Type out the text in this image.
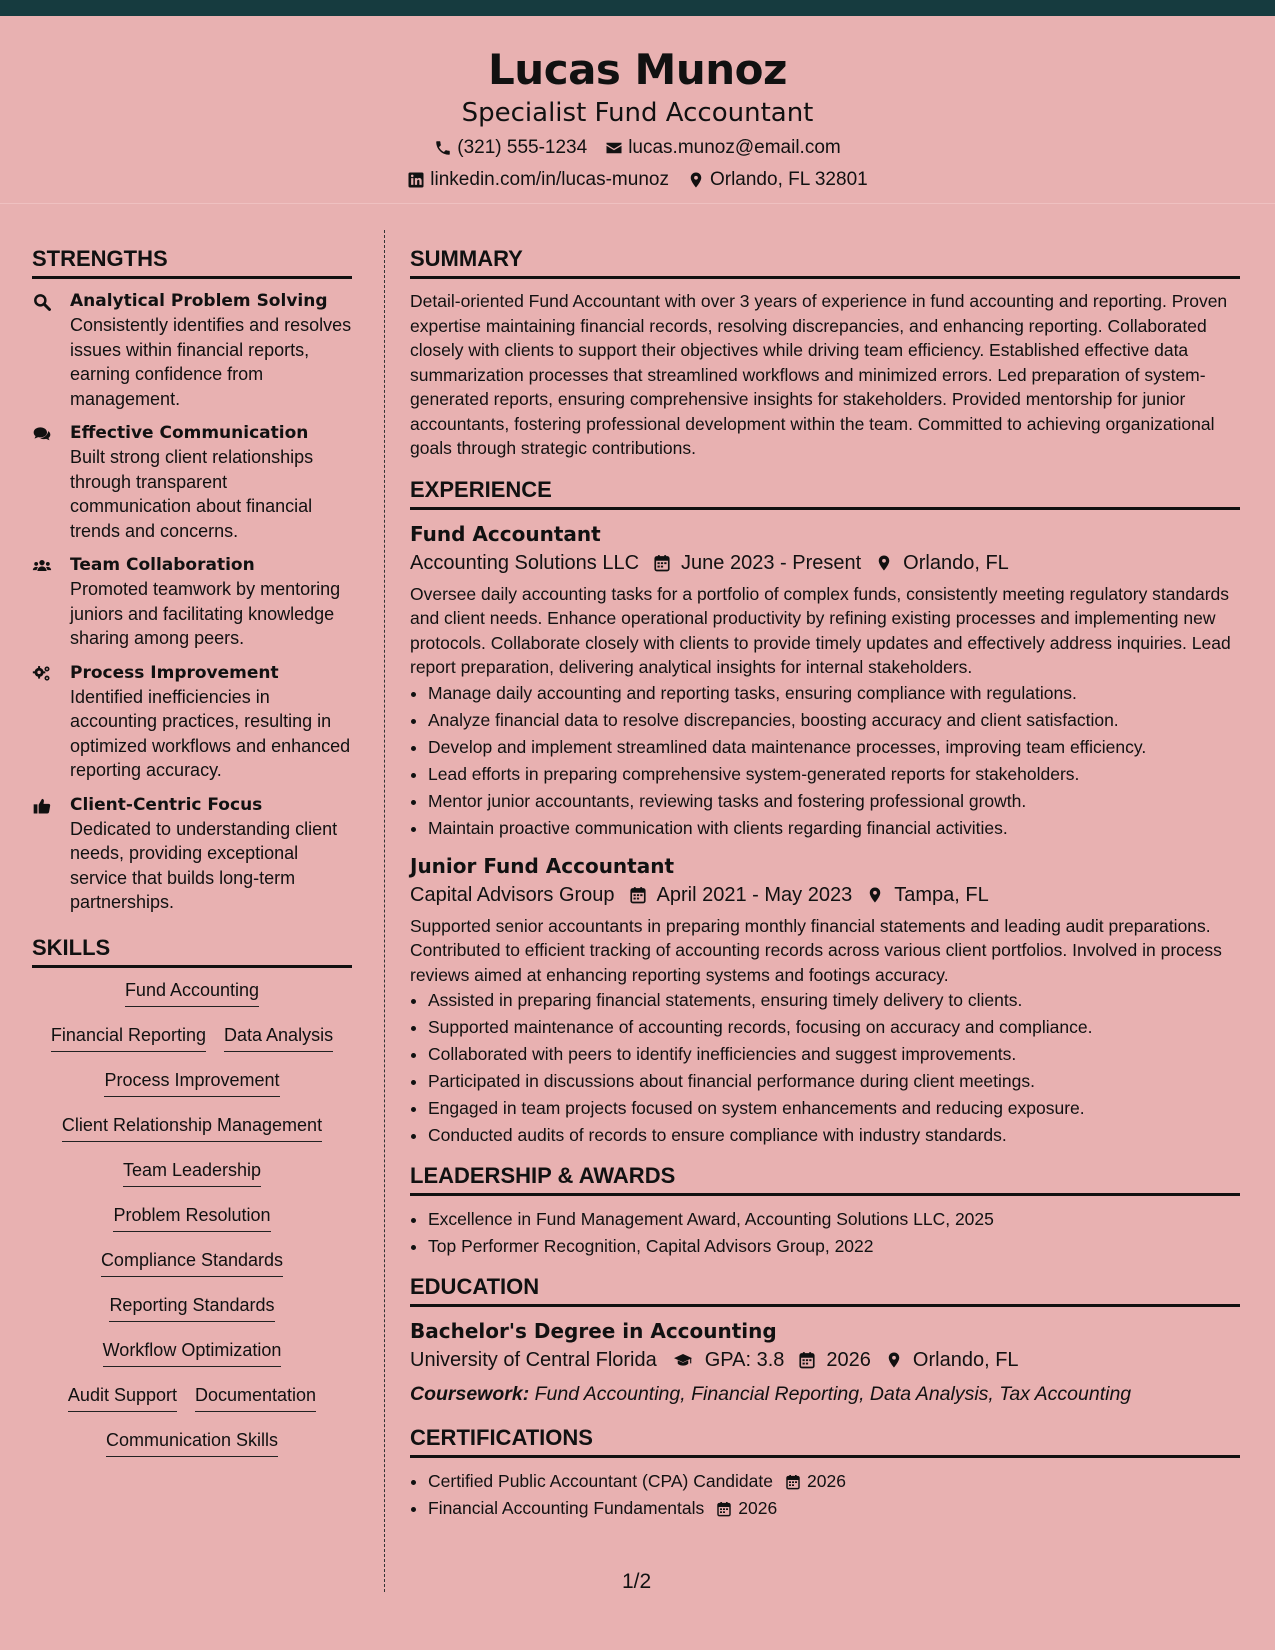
Lucas Munoz
Specialist Fund Accountant
(321) 555-1234 lucas.munoz@email.com
linkedin.com/in/lucas-munoz Orlando, FL 32801
STRENGTHS
Analytical Problem Solving
Consistently identifies and resolves issues within financial reports, earning confidence from management.
Effective Communication
Built strong client relationships through transparent communication about financial trends and concerns.
Team Collaboration
Promoted teamwork by mentoring juniors and facilitating knowledge sharing among peers.
Process Improvement
Identified inefficiencies in accounting practices, resulting in optimized workflows and enhanced reporting accuracy.
Client-Centric Focus
Dedicated to understanding client needs, providing exceptional service that builds long-term partnerships.
SKILLS
Fund Accounting
Financial Reporting Data Analysis
Process Improvement
Client Relationship Management
Team Leadership
Problem Resolution
Compliance Standards
Reporting Standards
Workflow Optimization
Audit Support Documentation
Communication Skills
SUMMARY
Detail-oriented Fund Accountant with over 3 years of experience in fund accounting and reporting. Proven expertise maintaining financial records, resolving discrepancies, and enhancing reporting. Collaborated closely with clients to support their objectives while driving team efficiency. Established effective data summarization processes that streamlined workflows and minimized errors. Led preparation of system-generated reports, ensuring comprehensive insights for stakeholders. Provided mentorship for junior accountants, fostering professional development within the team. Committed to achieving organizational goals through strategic contributions.
EXPERIENCE
Fund Accountant
Accounting Solutions LLC June 2023 - Present Orlando, FL
Oversee daily accounting tasks for a portfolio of complex funds, consistently meeting regulatory standards and client needs. Enhance operational productivity by refining existing processes and implementing new protocols. Collaborate closely with clients to provide timely updates and effectively address inquiries. Lead report preparation, delivering analytical insights for internal stakeholders.
• Manage daily accounting and reporting tasks, ensuring compliance with regulations.
• Analyze financial data to resolve discrepancies, boosting accuracy and client satisfaction.
• Develop and implement streamlined data maintenance processes, improving team efficiency.
• Lead efforts in preparing comprehensive system-generated reports for stakeholders.
• Mentor junior accountants, reviewing tasks and fostering professional growth.
• Maintain proactive communication with clients regarding financial activities.
Junior Fund Accountant
Capital Advisors Group April 2021 - May 2023 Tampa, FL
Supported senior accountants in preparing monthly financial statements and leading audit preparations. Contributed to efficient tracking of accounting records across various client portfolios. Involved in process reviews aimed at enhancing reporting systems and footings accuracy.
• Assisted in preparing financial statements, ensuring timely delivery to clients.
• Supported maintenance of accounting records, focusing on accuracy and compliance.
• Collaborated with peers to identify inefficiencies and suggest improvements.
• Participated in discussions about financial performance during client meetings.
• Engaged in team projects focused on system enhancements and reducing exposure.
• Conducted audits of records to ensure compliance with industry standards.
LEADERSHIP & AWARDS
• Excellence in Fund Management Award, Accounting Solutions LLC, 2025
• Top Performer Recognition, Capital Advisors Group, 2022
EDUCATION
Bachelor's Degree in Accounting
University of Central Florida GPA: 3.8 2026 Orlando, FL
Coursework: Fund Accounting, Financial Reporting, Data Analysis, Tax Accounting
CERTIFICATIONS
• Certified Public Accountant (CPA) Candidate 2026
• Financial Accounting Fundamentals 2026
1/2
